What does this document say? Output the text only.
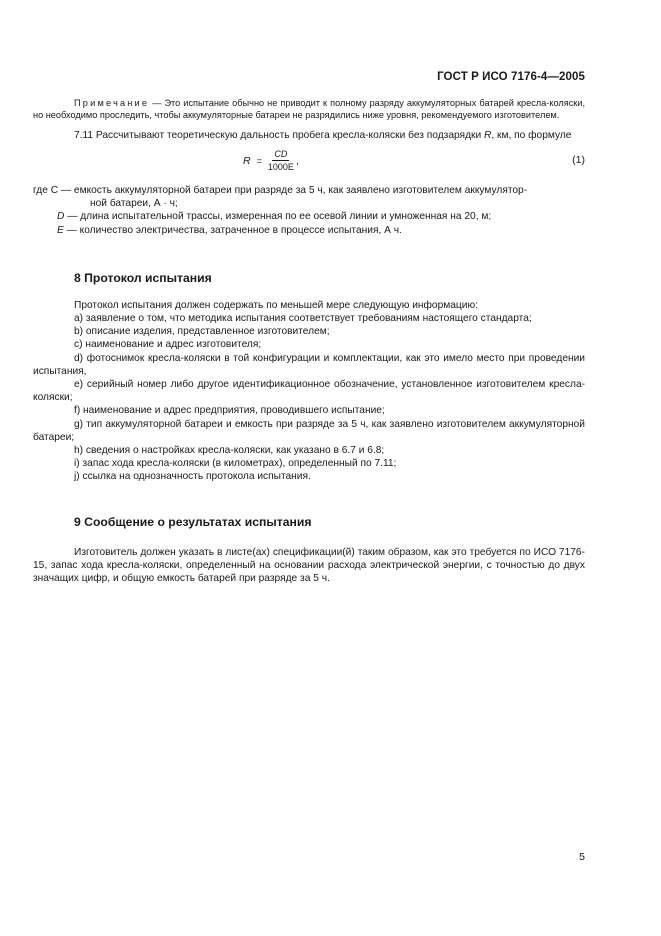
ГОСТ Р ИСО 7176-4—2005

Примечание — Это испытание обычно не приводит к полному разряду аккумуляторных батарей кресла-коляски, но необходимо проследить, чтобы аккумуляторные батареи не разрядились ниже уровня, рекомендуемого изготовителем.

7.11 Рассчитывают теоретическую дальность пробега кресла-коляски без подзарядки R, км, по формуле

$R = \frac{CD}{1000E}$ ,	(1)

где C — емкость аккумуляторной батареи при разряде за 5 ч, как заявлено изготовителем аккумулятор-

ной батареи, А · ч;

D — длина испытательной трассы, измеренная по ее осевой линии и умноженная на 20, м;

E — количество электричества, затраченное в процессе испытания, А ч.

8 Протокол испытания

Протокол испытания должен содержать по меньшей мере следующую информацию:

a) заявление о том, что методика испытания соответствует требованиям настоящего стандарта;

b) описание изделия, представленное изготовителем;

c) наименование и адрес изготовителя;

d) фотоснимок кресла-коляски в той конфигурации и комплектации, как это имело место при проведении испытания,

e) серийный номер либо другое идентификационное обозначение, установленное изготовителем кресла-коляски;

f) наименование и адрес предприятия, проводившего испытание;

g) тип аккумуляторной батареи и емкость при разряде за 5 ч, как заявлено изготовителем аккумуляторной батареи;

h) сведения о настройках кресла-коляски, как указано в 6.7 и 6.8;

i) запас хода кресла-коляски (в километрах), определенный по 7.11;

j) ссылка на однозначность протокола испытания.

9 Сообщение о результатах испытания

Изготовитель должен указать в листе(ах) спецификации(й) таким образом, как это требуется по ИСО 7176-15, запас хода кресла-коляски, определенный на основании расхода электрической энергии, с точностью до двух значащих цифр, и общую емкость батарей при разряде за 5 ч.

5
